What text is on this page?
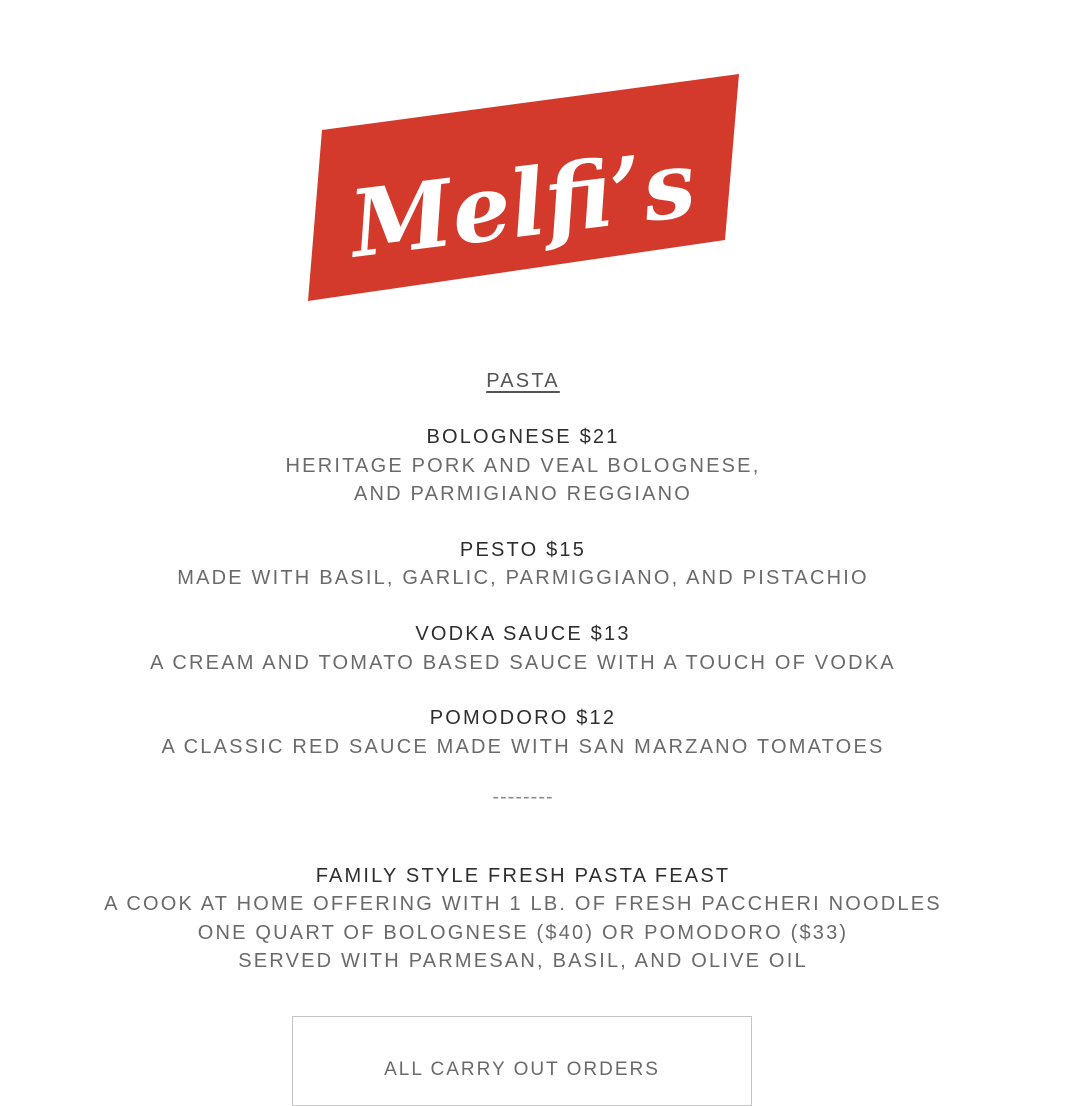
Melfi’s
PASTA
BOLOGNESE $21
HERITAGE PORK AND VEAL BOLOGNESE,
AND PARMIGIANO REGGIANO
PESTO $15
MADE WITH BASIL, GARLIC, PARMIGGIANO, AND PISTACHIO
VODKA SAUCE $13
A CREAM AND TOMATO BASED SAUCE WITH A TOUCH OF VODKA
POMODORO $12
A CLASSIC RED SAUCE MADE WITH SAN MARZANO TOMATOES
--------
FAMILY STYLE FRESH PASTA FEAST
A COOK AT HOME OFFERING WITH 1 LB. OF FRESH PACCHERI NOODLES
ONE QUART OF BOLOGNESE ($40) OR POMODORO ($33)
SERVED WITH PARMESAN, BASIL, AND OLIVE OIL
ALL CARRY OUT ORDERS
